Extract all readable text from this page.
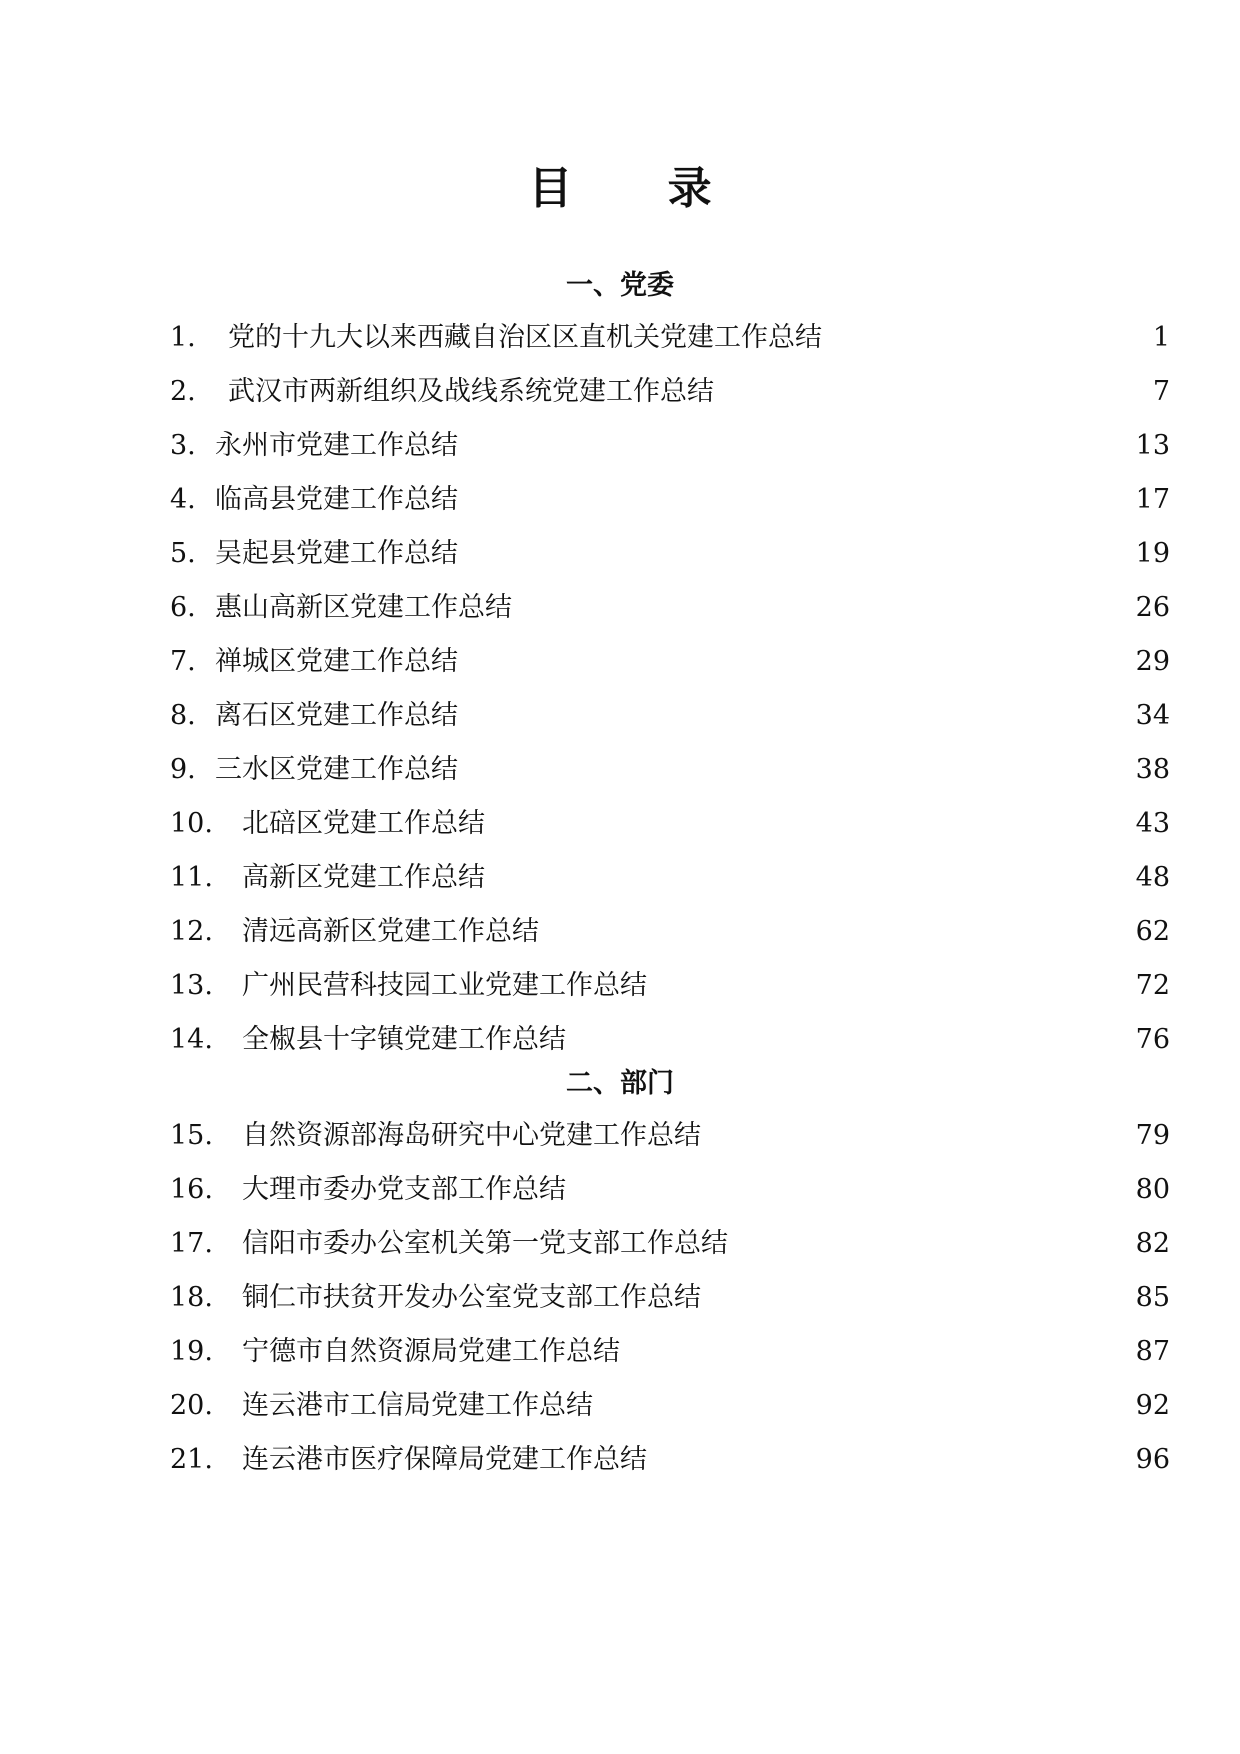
目 录
一、党委
1. 党的十九大以来西藏自治区区直机关党建工作总结	1
2. 武汉市两新组织及战线系统党建工作总结	7
3. 永州市党建工作总结	13
4. 临高县党建工作总结	17
5. 吴起县党建工作总结	19
6. 惠山高新区党建工作总结	26
7. 禅城区党建工作总结	29
8. 离石区党建工作总结	34
9. 三水区党建工作总结	38
10. 北碚区党建工作总结	43
11. 高新区党建工作总结	48
12. 清远高新区党建工作总结	62
13. 广州民营科技园工业党建工作总结	72
14. 全椒县十字镇党建工作总结	76
二、部门
15. 自然资源部海岛研究中心党建工作总结	79
16. 大理市委办党支部工作总结	80
17. 信阳市委办公室机关第一党支部工作总结	82
18. 铜仁市扶贫开发办公室党支部工作总结	85
19. 宁德市自然资源局党建工作总结	87
20. 连云港市工信局党建工作总结	92
21. 连云港市医疗保障局党建工作总结	96
